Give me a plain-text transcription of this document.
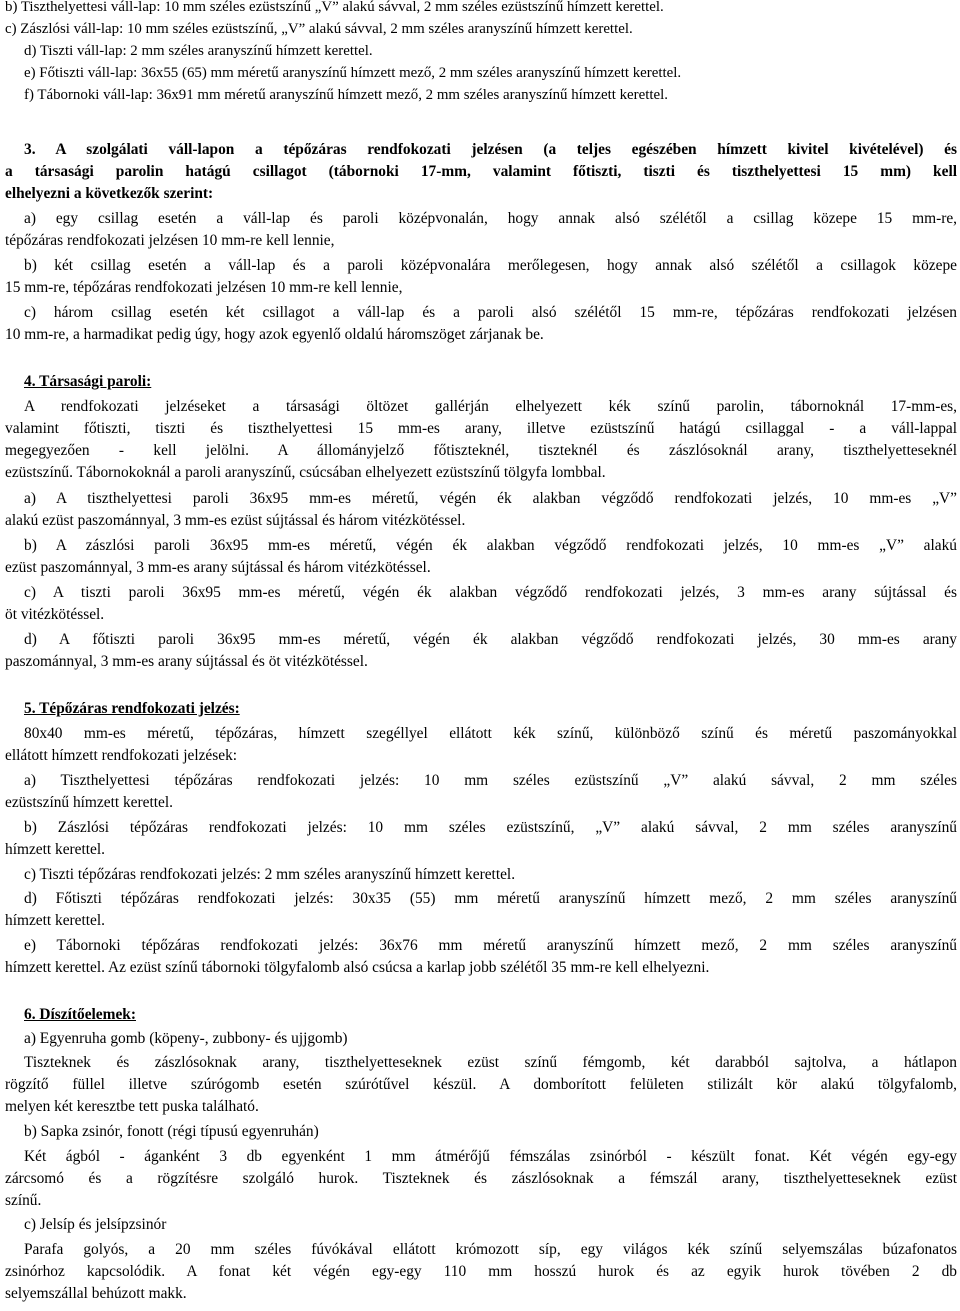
b) Tiszthelyettesi váll-lap: 10 mm széles ezüstszínű „V” alakú sávval, 2 mm széles ezüstszínű hímzett kerettel.
c) Zászlósi váll-lap: 10 mm széles ezüstszínű, „V” alakú sávval, 2 mm széles aranyszínű hímzett kerettel.
d) Tiszti váll-lap: 2 mm széles aranyszínű hímzett kerettel.
e) Főtiszti váll-lap: 36x55 (65) mm méretű aranyszínű hímzett mező, 2 mm széles aranyszínű hímzett kerettel.
f) Tábornoki váll-lap: 36x91 mm méretű aranyszínű hímzett mező, 2 mm széles aranyszínű hímzett kerettel.
3. A szolgálati váll-lapon a tépőzáras rendfokozati jelzésen (a teljes egészében hímzett kivitel kivételével) és
a társasági parolin hatágú csillagot (tábornoki 17-mm, valamint főtiszti, tiszti és tiszthelyettesi 15 mm) kell
elhelyezni a következők szerint:
a) egy csillag esetén a váll-lap és paroli középvonalán, hogy annak alsó szélétől a csillag közepe 15 mm-re,
tépőzáras rendfokozati jelzésen 10 mm-re kell lennie,
b) két csillag esetén a váll-lap és a paroli középvonalára merőlegesen, hogy annak alsó szélétől a csillagok közepe
15 mm-re, tépőzáras rendfokozati jelzésen 10 mm-re kell lennie,
c) három csillag esetén két csillagot a váll-lap és a paroli alsó szélétől 15 mm-re, tépőzáras rendfokozati jelzésen
10 mm-re, a harmadikat pedig úgy, hogy azok egyenlő oldalú háromszöget zárjanak be.
4. Társasági paroli:
A rendfokozati jelzéseket a társasági öltözet gallérján elhelyezett kék színű parolin, tábornoknál 17-mm-es,
valamint főtiszti, tiszti és tiszthelyettesi 15 mm-es arany, illetve ezüstszínű hatágú csillaggal - a váll-lappal
megegyezően - kell jelölni. A állományjelző főtiszteknél, tiszteknél és zászlósoknál arany, tiszthelyetteseknél
ezüstszínű. Tábornokoknál a paroli aranyszínű, csúcsában elhelyezett ezüstszínű tölgyfa lombbal.
a) A tiszthelyettesi paroli 36x95 mm-es méretű, végén ék alakban végződő rendfokozati jelzés, 10 mm-es „V”
alakú ezüst paszománnyal, 3 mm-es ezüst sújtással és három vitézkötéssel.
b) A zászlósi paroli 36x95 mm-es méretű, végén ék alakban végződő rendfokozati jelzés, 10 mm-es „V” alakú
ezüst paszománnyal, 3 mm-es arany sújtással és három vitézkötéssel.
c) A tiszti paroli 36x95 mm-es méretű, végén ék alakban végződő rendfokozati jelzés, 3 mm-es arany sújtással és
öt vitézkötéssel.
d) A főtiszti paroli 36x95 mm-es méretű, végén ék alakban végződő rendfokozati jelzés, 30 mm-es arany
paszománnyal, 3 mm-es arany sújtással és öt vitézkötéssel.
5. Tépőzáras rendfokozati jelzés:
80x40 mm-es méretű, tépőzáras, hímzett szegéllyel ellátott kék színű, különböző színű és méretű paszományokkal
ellátott hímzett rendfokozati jelzések:
a) Tiszthelyettesi tépőzáras rendfokozati jelzés: 10 mm széles ezüstszínű „V” alakú sávval, 2 mm széles
ezüstszínű hímzett kerettel.
b) Zászlósi tépőzáras rendfokozati jelzés: 10 mm széles ezüstszínű, „V” alakú sávval, 2 mm széles aranyszínű
hímzett kerettel.
c) Tiszti tépőzáras rendfokozati jelzés: 2 mm széles aranyszínű hímzett kerettel.
d) Főtiszti tépőzáras rendfokozati jelzés: 30x35 (55) mm méretű aranyszínű hímzett mező, 2 mm széles aranyszínű
hímzett kerettel.
e) Tábornoki tépőzáras rendfokozati jelzés: 36x76 mm méretű aranyszínű hímzett mező, 2 mm széles aranyszínű
hímzett kerettel. Az ezüst színű tábornoki tölgyfalomb alsó csúcsa a karlap jobb szélétől 35 mm-re kell elhelyezni.
6. Díszítőelemek:
a) Egyenruha gomb (köpeny-, zubbony- és ujjgomb)
Tiszteknek és zászlósoknak arany, tiszthelyetteseknek ezüst színű fémgomb, két darabból sajtolva, a hátlapon
rögzítő füllel illetve szúrógomb esetén szúrótűvel készül. A domborított felületen stilizált kör alakú tölgyfalomb,
melyen két keresztbe tett puska található.
b) Sapka zsinór, fonott (régi típusú egyenruhán)
Két ágból - áganként 3 db egyenként 1 mm átmérőjű fémszálas zsinórból - készült fonat. Két végén egy-egy
zárcsomó és a rögzítésre szolgáló hurok. Tiszteknek és zászlósoknak a fémszál arany, tiszthelyetteseknek ezüst
színű.
c) Jelsíp és jelsípzsinór
Parafa golyós, a 20 mm széles fúvókával ellátott krómozott síp, egy világos kék színű selyemszálas búzafonatos
zsinórhoz kapcsolódik. A fonat két végén egy-egy 110 mm hosszú hurok és az egyik hurok tövében 2 db
selyemszállal behúzott makk.
